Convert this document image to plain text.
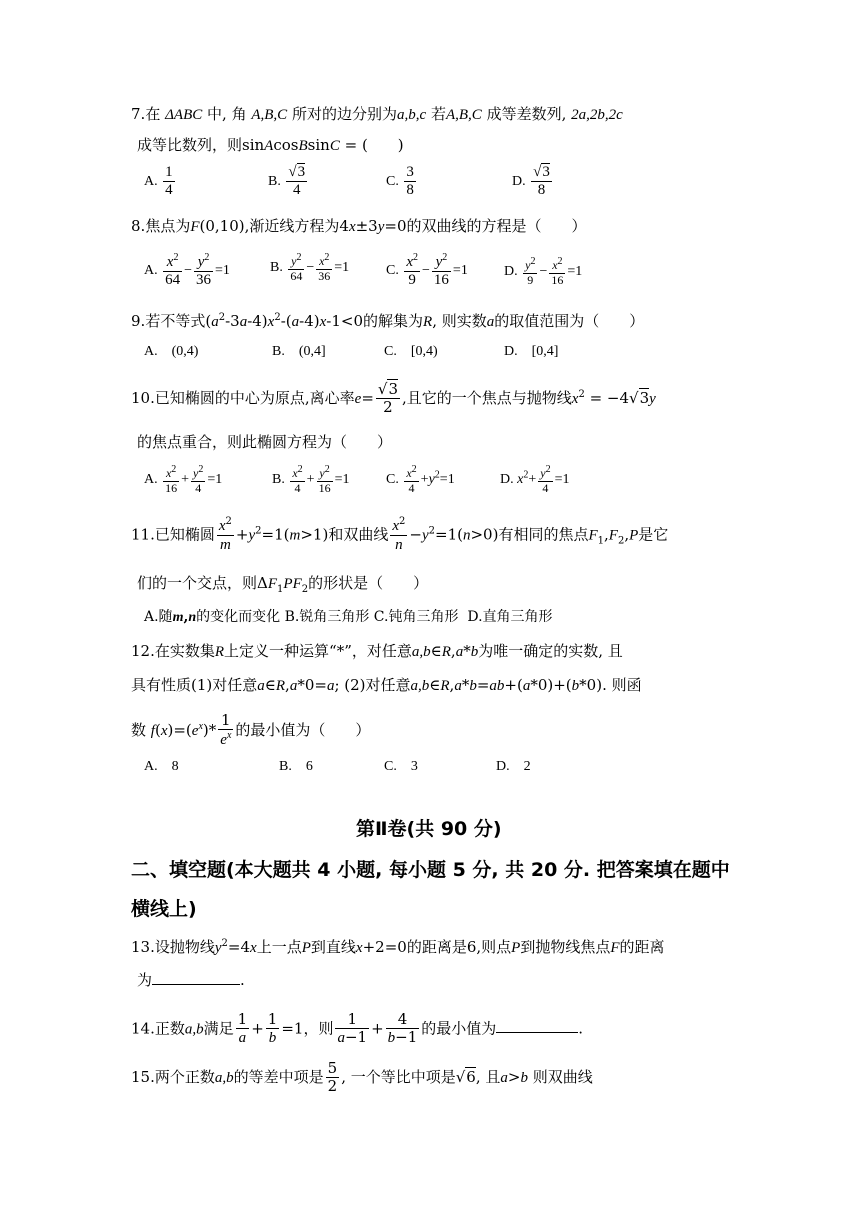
7.在 ΔABC 中, 角 A,B,C 所对的边分别为a,b,c 若A,B,C 成等差数列, 2a,2b,2c
成等比数列，则sinAcosBsinC = (　　)
A. $\frac{1}{4}$	B. $\frac{√3}{4}$	C. $\frac{3}{8}$	D. $\frac{√3}{8}$
8.焦点为F(0,10),渐近线方程为4x±3y=0的双曲线的方程是（　　）
A. $\frac{x^2}{64} - \frac{y^2}{36} =1$	B. $\frac{y^2}{64} - \frac{x^2}{36} =1$	C. $\frac{x^2}{9} - \frac{y^2}{16} =1$	D. $\frac{y^2}{9} - \frac{x^2}{16} =1$
9.若不等式$(a^2-3a-4)x^2-(a-4)x-1<0$的解集为R, 则实数a的取值范围为（　　）
A.　(0,4)	B.　(0,4]	C.　[0,4)	D.　[0,4]
10.已知椭圆的中心为原点,离心率$e= \frac{√3}{2}$ ,且它的一个焦点与抛物线$x^2 = -4√3y$
的焦点重合，则此椭圆方程为（　　）
A. $\frac{x^2}{16} + \frac{y^2}{4} =1$	B. $\frac{x^2}{4} + \frac{y^2}{16} =1$	C. $\frac{x^2}{4} +y^2=1$	D. $x^2+ \frac{y^2}{4} =1$
11.已知椭圆 $\frac{x^2}{m} +y^2=1(m>1)$和双曲线 $\frac{x^2}{n} -y^2=1(n>0)$有相同的焦点$F_1,F_2,P$是它
们的一个交点，则$\Delta F_1PF_2$的形状是（　　）
A.随m,n的变化而变化 B.锐角三角形 C.钝角三角形 D.直角三角形
12.在实数集R上定义一种运算“*”，对任意a,b∈R,a*b为唯一确定的实数, 且
具有性质(1)对任意a∈R,a*0=a; (2)对任意a,b∈R,a*b=ab+(a*0)+(b*0). 则函
数 $f(x)=(e^x)* \frac{1}{e^x}$ 的最小值为（　　）
A.　8	B.　6	C.　3	D.　2
第Ⅱ卷(共 90 分)
二、填空题(本大题共 4 小题, 每小题 5 分, 共 20 分. 把答案填在题中
横线上)
13.设抛物线$y^2=4x$上一点P到直线x+2=0的距离是6,则点P到抛物线焦点F的距离
为	.
14.正数a,b满足 $\frac{1}{a} + \frac{1}{b} =1$，则 $\frac{1}{a-1} + \frac{4}{b-1}$ 的最小值为	.
15.两个正数a,b的等差中项是 $\frac{5}{2}$ , 一个等比中项是√6, 且a>b 则双曲线
